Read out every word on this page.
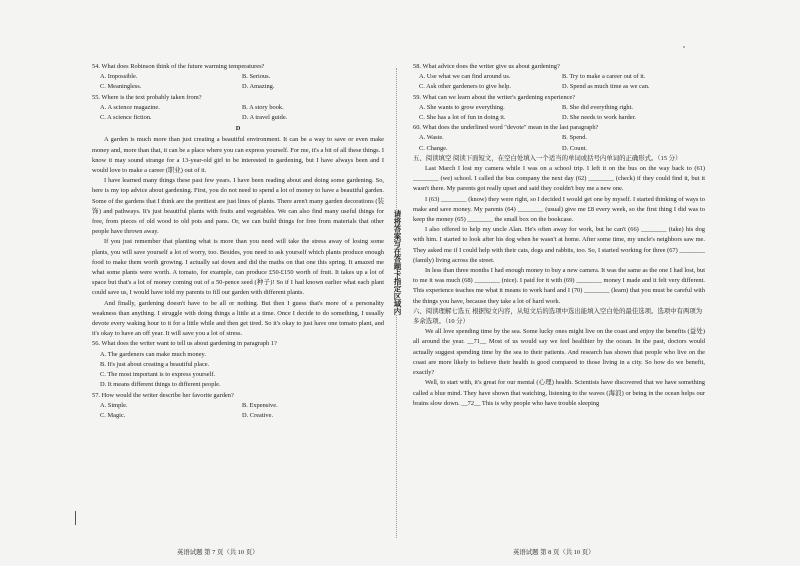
54. What does Robinson think of the future warming temperatures?

A. Impossible.	B. Serious.
C. Meaningless.	D. Amazing.

55. Where is the text probably taken from?

A. A science magazine.	B. A story book.
C. A science fiction.	D. A travel guide.
D

A garden is much more than just creating a beautiful environment. It can be a way to save or even make money and, more than that, it can be a place where you can express yourself. For me, it's a bit of all these things. I know it may sound strange for a 13-year-old girl to be interested in gardening, but I have always been and I would love to make a career (职业) out of it.

I have learned many things these past few years. I have been reading about and doing some gardening. So, here is my top advice about gardening. First, you do not need to spend a lot of money to have a beautiful garden. Some of the gardens that I think are the prettiest are just lines of plants. There aren't many garden decorations (装饰) and pathways. It's just beautiful plants with fruits and vegetables. We can also find many useful things for free, from pieces of old wood to old pots and pans. Or, we can build things for free from materials that other people have thrown away.

If you just remember that planting what is more than you need will take the stress away of losing some plants, you will save yourself a lot of worry, too. Besides, you need to ask yourself which plants produce enough food to make them worth growing. I actually sat down and did the maths on that one this spring. It amazed me what some plants were worth. A tomato, for example, can produce £50-£150 worth of fruit. It takes up a lot of space but that's a lot of money coming out of a 50-pence seed (种子)! So if I had known earlier what each plant could save us, I would have told my parents to fill our garden with different plants.

And finally, gardening doesn't have to be all or nothing. But then I guess that's more of a personality weakness than anything. I struggle with doing things a little at a time. Once I decide to do something, I usually devote every waking hour to it for a little while and then get tired. So it's okay to just have one tomato plant, and it's okay to have an off year. It will save you a lot of stress.

56. What does the writer want to tell us about gardening in paragraph 1?

A. The gardeners can make much money.
B. It's just about creating a beautiful place.
C. The most important is to express yourself.
D. It means different things to different people.

57. How would the writer describe her favorite garden?

A. Simple.	B. Expensive.
C. Magic.	D. Creative.
请将答案写在答题卡指定区域内

58. What advice does the writer give us about gardening?

A. Use what we can find around us.	B. Try to make a career out of it.
C. Ask other gardeners to give help.	D. Spend as much time as we can.

59. What can we learn about the writer's gardening experience?

A. She wants to grow everything.	B. She did everything right.
C. She has a lot of fun in doing it.	D. She needs to work harder.

60. What does the underlined word "devote" mean in the last paragraph?

A. Waste.	B. Spend.
C. Change.	D. Count.

五、阅读填空 阅读下面短文，在空白处填入一个适当的单词或括号内单词的正确形式。（15 分）

Last March I lost my camera while I was on a school trip. I left it on the bus on the way back to (61) ________ (we) school. I called the bus company the next day (62) ________ (check) if they could find it, but it wasn't there. My parents got really upset and said they couldn't buy me a new one.

I (63) ________ (know) they were right, so I decided I would get one by myself. I started thinking of ways to make and save money. My parents (64) ________ (usual) give me £8 every week, so the first thing I did was to keep the money (65) ________ the small box on the bookcase.

I also offered to help my uncle Alan. He's often away for work, but he can't (66) ________ (take) his dog with him. I started to look after his dog when he wasn't at home. After some time, my uncle's neighbors saw me. They asked me if I could help with their cats, dogs and rabbits, too. So, I started working for three (67) ________ (family) living across the street.

In less than three months I had enough money to buy a new camera. It was the same as the one I had lost, but to me it was much (68) ________ (nice). I paid for it with (69) ________ money I made and it felt very different. This experience teaches me what it means to work hard and I (70) ________ (learn) that you must be careful with the things you have, because they take a lot of hard work.

六、阅读理解七选五 根据短文内容，从短文后的选项中选出能填入空白处的最佳选项。选项中有两项为多余选项。（10 分）

We all love spending time by the sea. Some lucky ones might live on the coast and enjoy the benefits (益处) all around the year. __71__ Most of us would say we feel healthier by the ocean. In the past, doctors would actually suggest spending time by the sea to their patients. And research has shown that people who live on the coast are more likely to believe their health is good compared to those living in a city. So how do we benefit, exactly?

Well, to start with, it's great for our mental (心理) health. Scientists have discovered that we have something called a blue mind. They have shown that watching, listening to the waves (海浪) or being in the ocean helps our brains slow down. __72__ This is why people who have trouble sleeping

英语试题 第 7 页（共 10 页）	英语试题 第 8 页（共 10 页）
